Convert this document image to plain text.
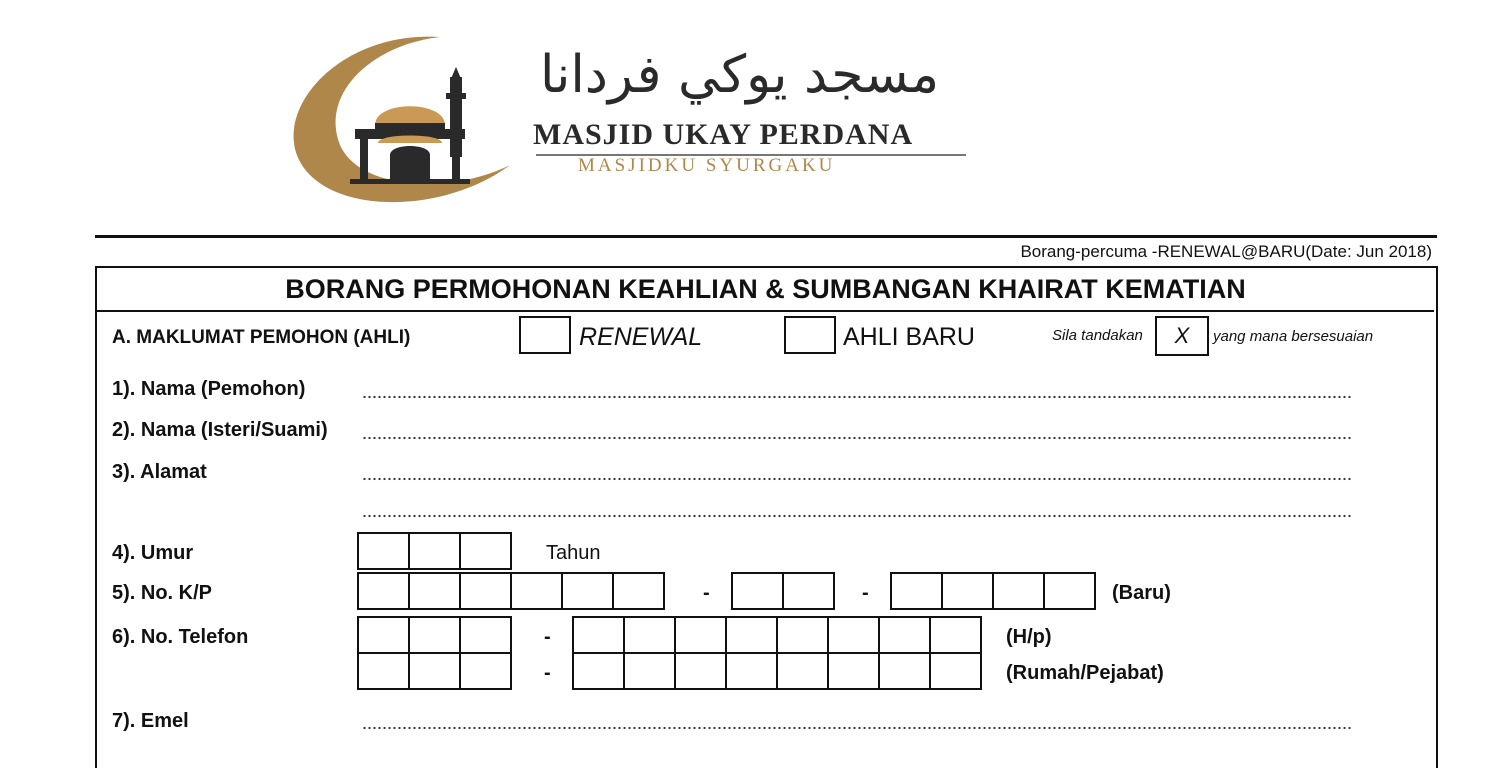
مسجد يوكي فردانا
MASJID UKAY PERDANA
MASJIDKU SYURGAKU
Borang-percuma -RENEWAL@BARU(Date: Jun 2018)
BORANG PERMOHONAN KEAHLIAN & SUMBANGAN KHAIRAT KEMATIAN
A. MAKLUMAT PEMOHON (AHLI)	RENEWAL	AHLI BARU	Sila tandakan	X	yang mana bersesuaian
1). Nama (Pemohon)
2). Nama (Isteri/Suami)
3). Alamat
4). Umur	Tahun
5). No. K/P	-	-	(Baru)
6). No. Telefon	-	(H/p)
-	(Rumah/Pejabat)
7). Emel
